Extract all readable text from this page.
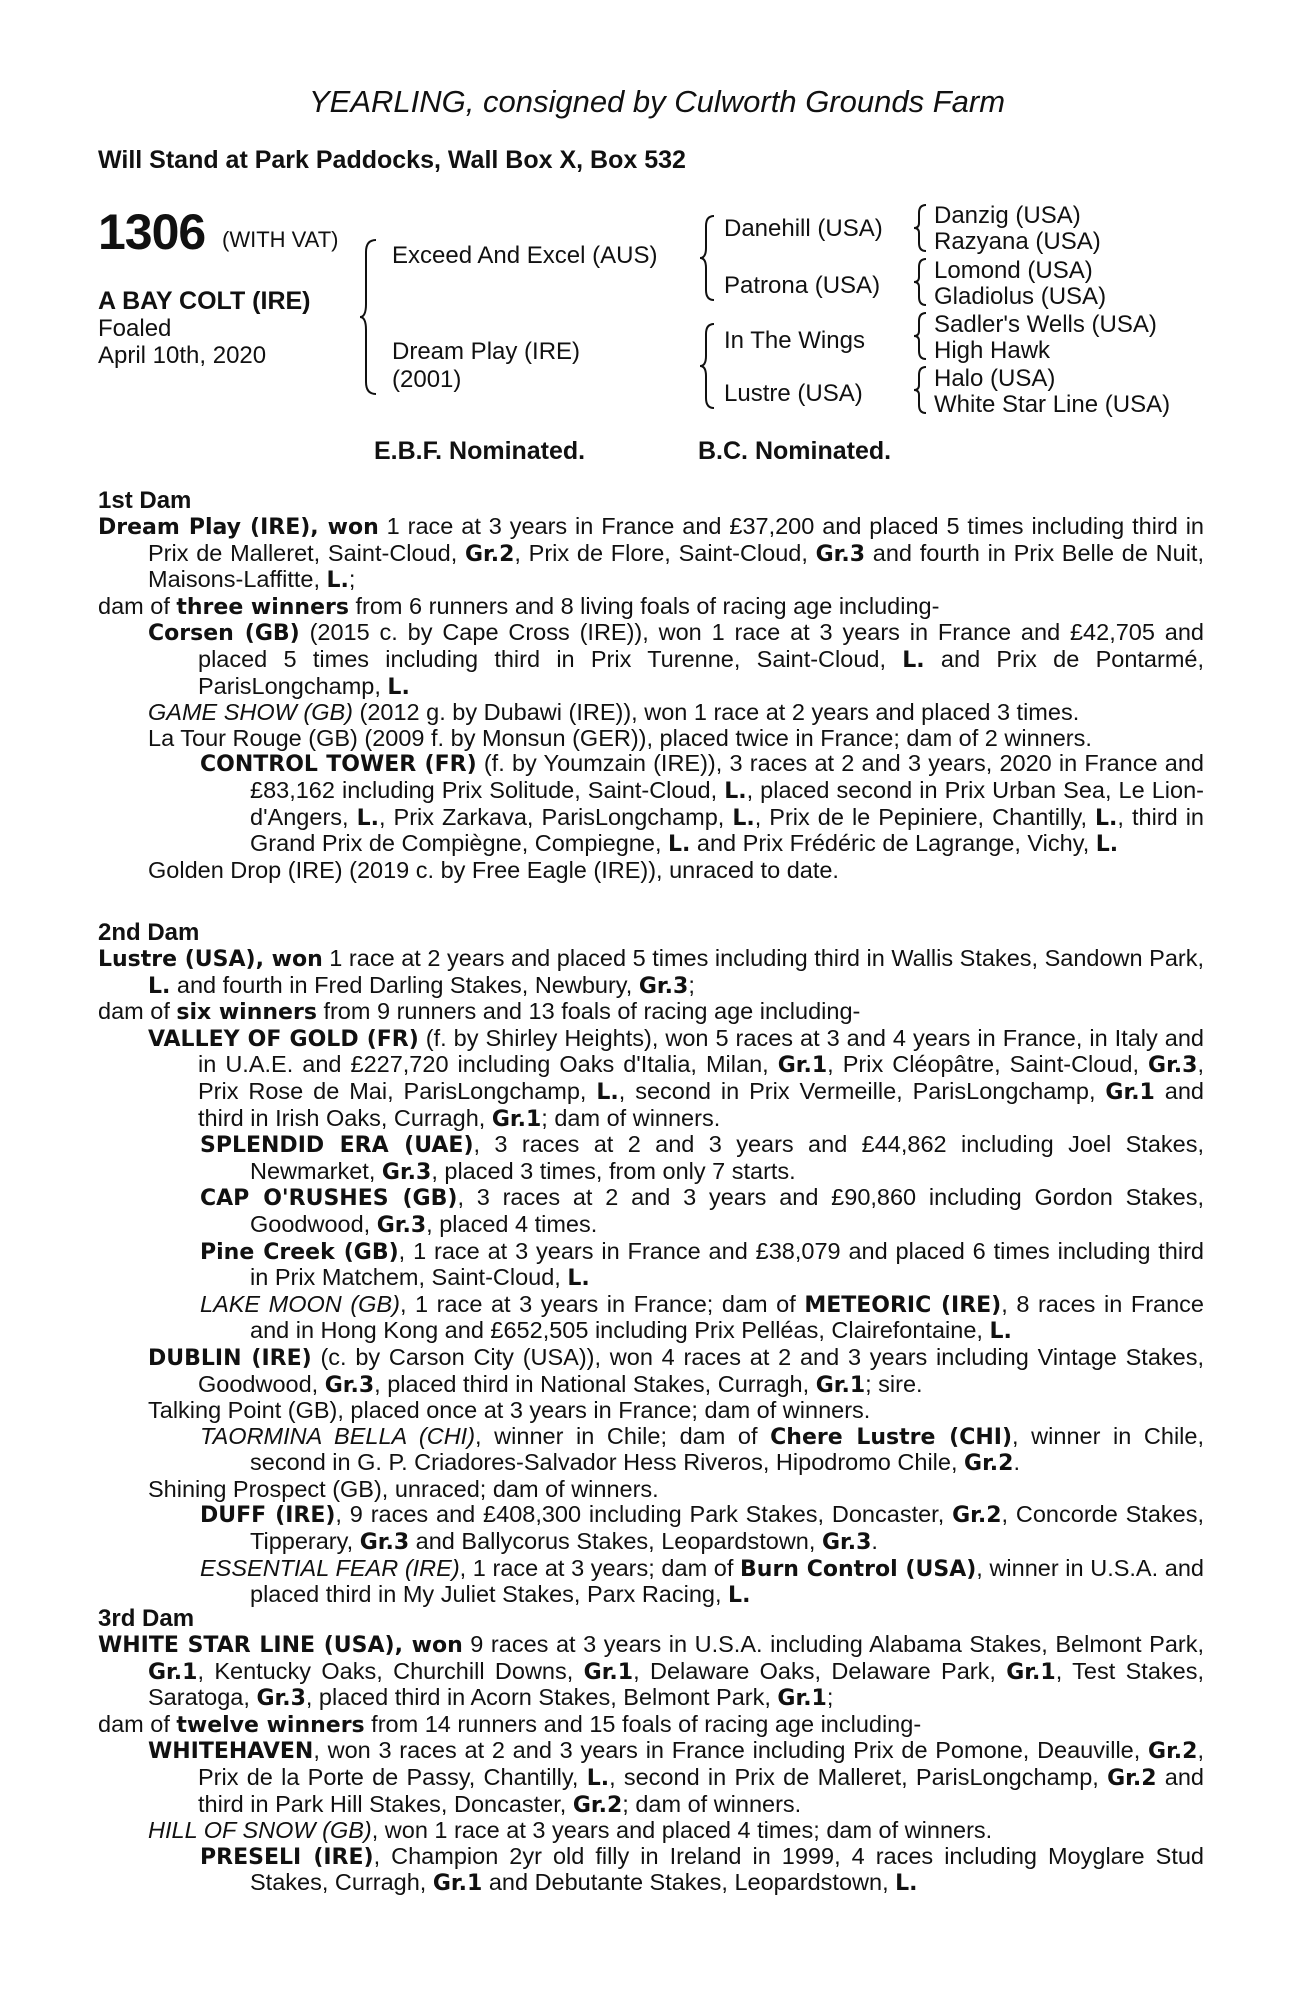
YEARLING, consigned by Culworth Grounds Farm
Will Stand at Park Paddocks, Wall Box X, Box 532
1306 (WITH VAT)
A BAY COLT (IRE)
Foaled
April 10th, 2020
Exceed And Excel (AUS)
Dream Play (IRE)
(2001)
Danehill (USA)
Patrona (USA)
In The Wings
Lustre (USA)
Danzig (USA)
Razyana (USA)
Lomond (USA)
Gladiolus (USA)
Sadler's Wells (USA)
High Hawk
Halo (USA)
White Star Line (USA)
E.B.F. Nominated.	B.C. Nominated.

1st Dam

Dream Play (IRE), won 1 race at 3 years in France and £37,200 and placed 5 times including third in Prix de Malleret, Saint-Cloud, Gr.2, Prix de Flore, Saint-Cloud, Gr.3 and fourth in Prix Belle de Nuit, Maisons-Laffitte, L.;

dam of three winners from 6 runners and 8 living foals of racing age including-

Corsen (GB) (2015 c. by Cape Cross (IRE)), won 1 race at 3 years in France and £42,705 and placed 5 times including third in Prix Turenne, Saint-Cloud, L. and Prix de Pontarmé, ParisLongchamp, L.

GAME SHOW (GB) (2012 g. by Dubawi (IRE)), won 1 race at 2 years and placed 3 times.

La Tour Rouge (GB) (2009 f. by Monsun (GER)), placed twice in France; dam of 2 winners.

CONTROL TOWER (FR) (f. by Youmzain (IRE)), 3 races at 2 and 3 years, 2020 in France and £83,162 including Prix Solitude, Saint-Cloud, L., placed second in Prix Urban Sea, Le Lion-d'Angers, L., Prix Zarkava, ParisLongchamp, L., Prix de le Pepiniere, Chantilly, L., third in Grand Prix de Compiègne, Compiegne, L. and Prix Frédéric de Lagrange, Vichy, L.

Golden Drop (IRE) (2019 c. by Free Eagle (IRE)), unraced to date.

2nd Dam

Lustre (USA), won 1 race at 2 years and placed 5 times including third in Wallis Stakes, Sandown Park, L. and fourth in Fred Darling Stakes, Newbury, Gr.3;

dam of six winners from 9 runners and 13 foals of racing age including-

VALLEY OF GOLD (FR) (f. by Shirley Heights), won 5 races at 3 and 4 years in France, in Italy and in U.A.E. and £227,720 including Oaks d'Italia, Milan, Gr.1, Prix Cléopâtre, Saint-Cloud, Gr.3, Prix Rose de Mai, ParisLongchamp, L., second in Prix Vermeille, ParisLongchamp, Gr.1 and third in Irish Oaks, Curragh, Gr.1; dam of winners.

SPLENDID ERA (UAE), 3 races at 2 and 3 years and £44,862 including Joel Stakes, Newmarket, Gr.3, placed 3 times, from only 7 starts.

CAP O'RUSHES (GB), 3 races at 2 and 3 years and £90,860 including Gordon Stakes, Goodwood, Gr.3, placed 4 times.

Pine Creek (GB), 1 race at 3 years in France and £38,079 and placed 6 times including third in Prix Matchem, Saint-Cloud, L.

LAKE MOON (GB), 1 race at 3 years in France; dam of METEORIC (IRE), 8 races in France and in Hong Kong and £652,505 including Prix Pelléas, Clairefontaine, L.

DUBLIN (IRE) (c. by Carson City (USA)), won 4 races at 2 and 3 years including Vintage Stakes, Goodwood, Gr.3, placed third in National Stakes, Curragh, Gr.1; sire.

Talking Point (GB), placed once at 3 years in France; dam of winners.

TAORMINA BELLA (CHI), winner in Chile; dam of Chere Lustre (CHI), winner in Chile, second in G. P. Criadores-Salvador Hess Riveros, Hipodromo Chile, Gr.2.

Shining Prospect (GB), unraced; dam of winners.

DUFF (IRE), 9 races and £408,300 including Park Stakes, Doncaster, Gr.2, Concorde Stakes, Tipperary, Gr.3 and Ballycorus Stakes, Leopardstown, Gr.3.

ESSENTIAL FEAR (IRE), 1 race at 3 years; dam of Burn Control (USA), winner in U.S.A. and placed third in My Juliet Stakes, Parx Racing, L.

3rd Dam

WHITE STAR LINE (USA), won 9 races at 3 years in U.S.A. including Alabama Stakes, Belmont Park, Gr.1, Kentucky Oaks, Churchill Downs, Gr.1, Delaware Oaks, Delaware Park, Gr.1, Test Stakes, Saratoga, Gr.3, placed third in Acorn Stakes, Belmont Park, Gr.1;

dam of twelve winners from 14 runners and 15 foals of racing age including-

WHITEHAVEN, won 3 races at 2 and 3 years in France including Prix de Pomone, Deauville, Gr.2, Prix de la Porte de Passy, Chantilly, L., second in Prix de Malleret, ParisLongchamp, Gr.2 and third in Park Hill Stakes, Doncaster, Gr.2; dam of winners.

HILL OF SNOW (GB), won 1 race at 3 years and placed 4 times; dam of winners.

PRESELI (IRE), Champion 2yr old filly in Ireland in 1999, 4 races including Moyglare Stud Stakes, Curragh, Gr.1 and Debutante Stakes, Leopardstown, L.
